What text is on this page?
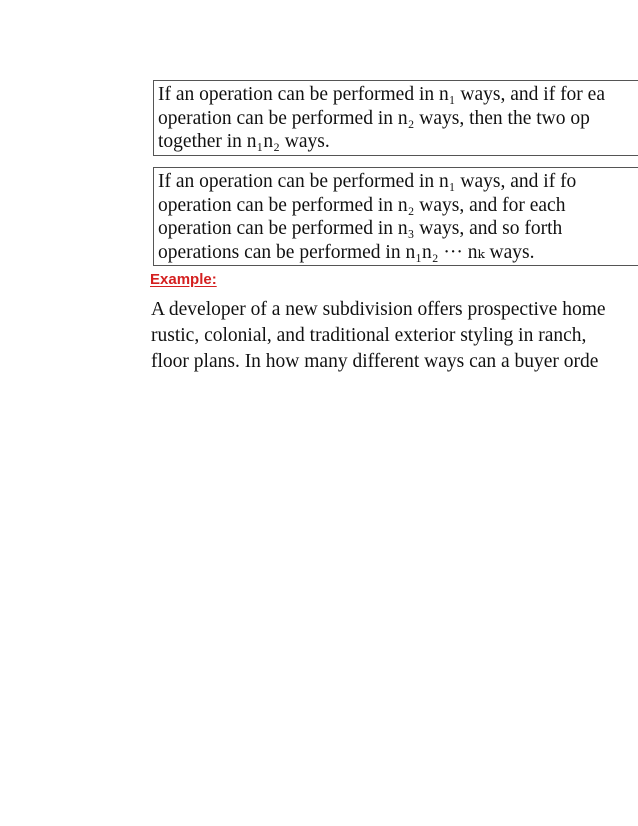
If an operation can be performed in n₁ ways, and if for ea
operation can be performed in n₂ ways, then the two op
together in n₁n₂ ways.
If an operation can be performed in n₁ ways, and if fo
operation can be performed in n₂ ways, and for each
operation can be performed in n₃ ways, and so forth
operations can be performed in n₁n₂ ··· nₖ ways.
Example:
A developer of a new subdivision offers prospective home
rustic, colonial, and traditional exterior styling in ranch,
floor plans. In how many different ways can a buyer orde
